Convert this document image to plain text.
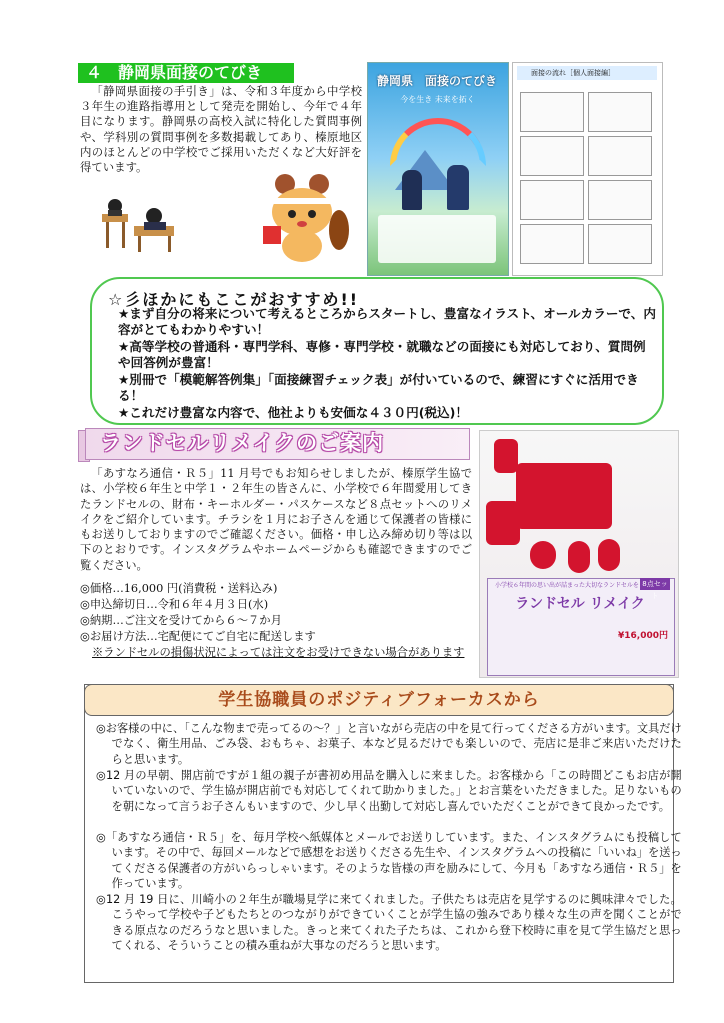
４　静岡県面接のてびき
「静岡県面接の手引き」は、令和３年度から中学校３年生の進路指導用として発売を開始し、今年で４年目になります。静岡県の高校入試に特化した質問事例や、学科別の質問事例を多数掲載してあり、榛原地区内のほとんどの中学校でご採用いただくなど大好評を得ています。
静岡県　面接のてびき
今を生き 未来を拓く
面接の流れ［個人面接編］
☆彡ほかにもここがおすすめ!!
★まず自分の将来について考えるところからスタートし、豊富なイラスト、オールカラーで、内容がとてもわかりやすい！
★高等学校の普通科・専門学科、専修・専門学校・就職などの面接にも対応しており、質問例や回答例が豊富！
★別冊で「模範解答例集」「面接練習チェック表」が付いているので、練習にすぐに活用できる！
★これだけ豊富な内容で、他社よりも安価な４３０円(税込)！
ランドセルリメイクのご案内
「あすなろ通信・Ｒ５」11 月号でもお知らせしましたが、榛原学生協では、小学校６年生と中学１・２年生の皆さんに、小学校で６年間愛用してきたランドセルの、財布・キーホルダー・パスケースなど８点セットへのリメイクをご紹介しています。チラシを１月にお子さんを通じて保護者の皆様にもお送りしておりますのでご確認ください。価格・申し込み締め切り等は以下のとおりです。インスタグラムやホームページからも確認できますのでご覧ください。
◎価格…16,000 円(消費税・送料込み)
◎申込締切日…令和６年４月３日(水)
◎納期…ご注文を受けてから６～７か月
◎お届け方法…宅配便にてご自宅に配送します
※ランドセルの損傷状況によっては注文をお受けできない場合があります
小学校６年間の思い出が詰まった大切なランドセルを 8点セット
ランドセル リメイク
¥16,000円
学生協職員のポジティブフォーカスから
◎お客様の中に、「こんな物まで売ってるの～？」と言いながら売店の中を見て行ってくださる方がいます。文具だけでなく、衛生用品、ごみ袋、おもちゃ、お菓子、本など見るだけでも楽しいので、売店に是非ご来店いただけたらと思います。
◎12 月の早朝、開店前ですが１組の親子が書初め用品を購入しに来ました。お客様から「この時間どこもお店が開いていないので、学生協が開店前でも対応してくれて助かりました。」とお言葉をいただきました。足りないものを朝になって言うお子さんもいますので、少し早く出勤して対応し喜んでいただくことができて良かったです。
◎「あすなろ通信・Ｒ５」を、毎月学校へ紙媒体とメールでお送りしています。また、インスタグラムにも投稿しています。その中で、毎回メールなどで感想をお送りくださる先生や、インスタグラムへの投稿に「いいね」を送ってくださる保護者の方がいらっしゃいます。そのような皆様の声を励みにして、今月も「あすなろ通信・Ｒ５」を作っています。
◎12 月 19 日に、川崎小の２年生が職場見学に来てくれました。子供たちは売店を見学するのに興味津々でした。こうやって学校や子どもたちとのつながりができていくことが学生協の強みであり様々な生の声を聞くことができる原点なのだろうなと思いました。きっと来てくれた子たちは、これから登下校時に車を見て学生協だと思ってくれる、そういうことの積み重ねが大事なのだろうと思います。
